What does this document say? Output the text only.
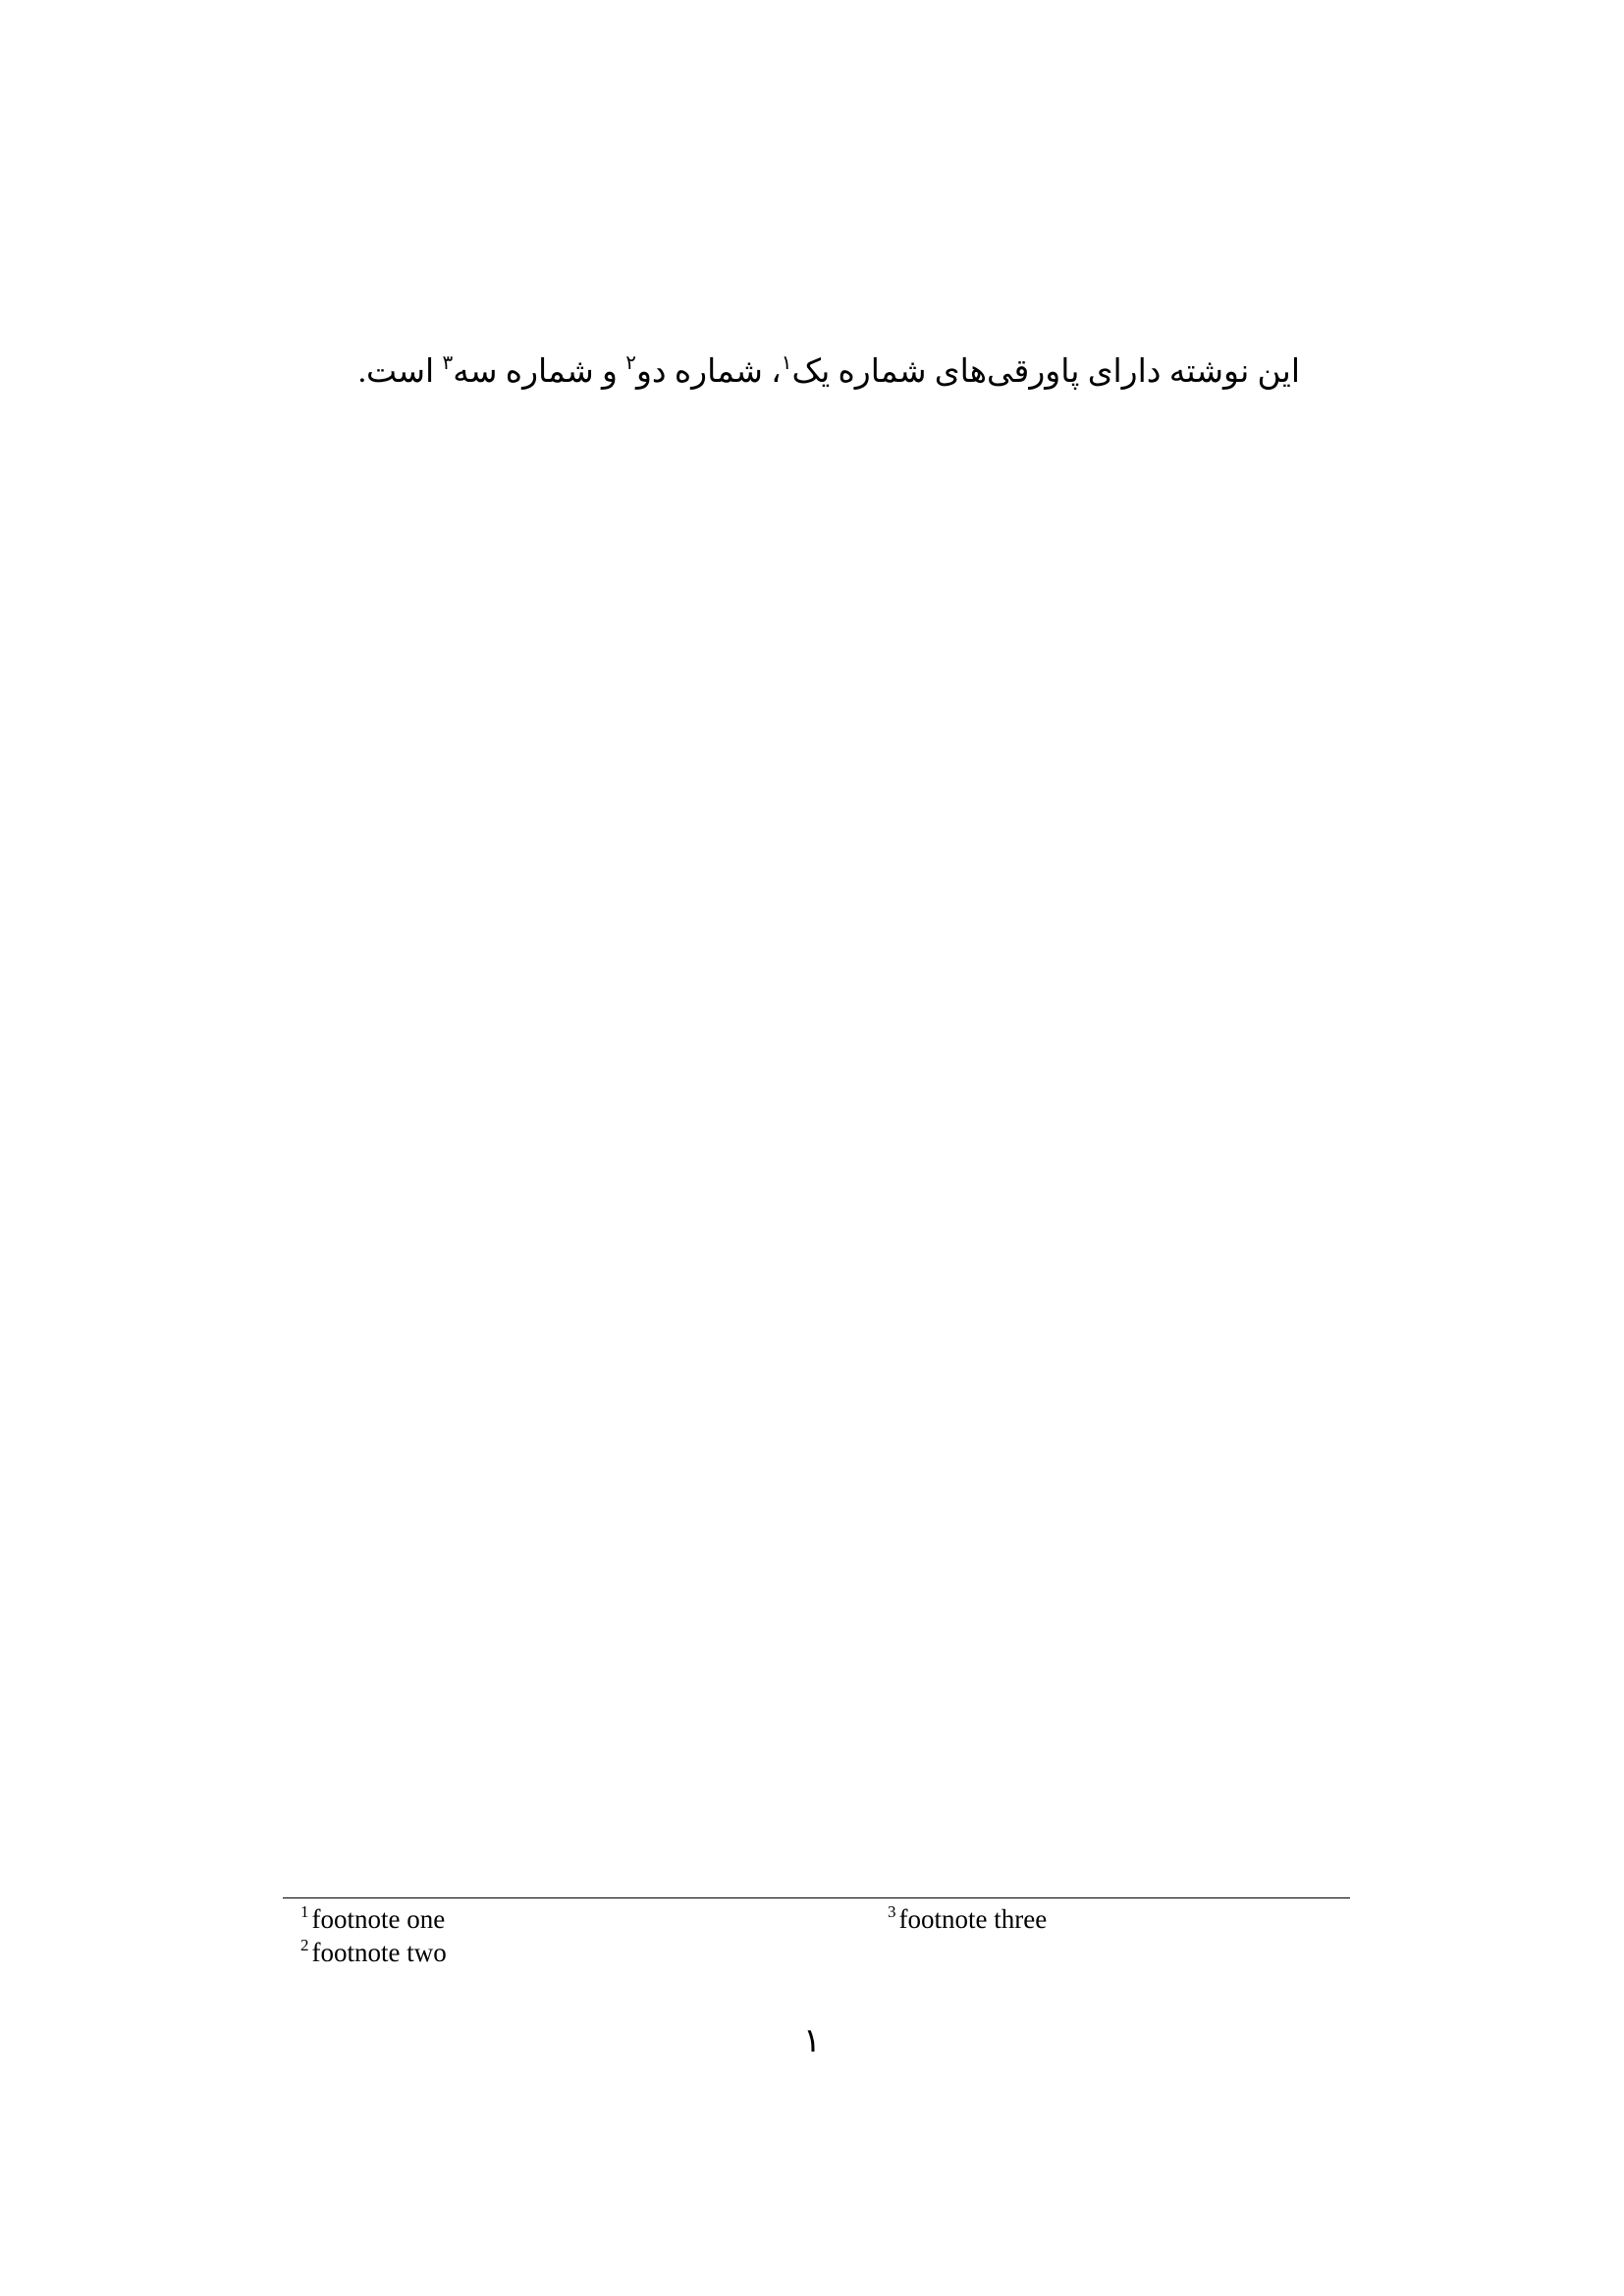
این نوشته دارای پاورقی‌های شماره یک$^۱$، شماره دو$^۲$ و شماره سه$^۳$ است.

$^1$ footnote one
$^2$ footnote two
$^3$ footnote three
۱
